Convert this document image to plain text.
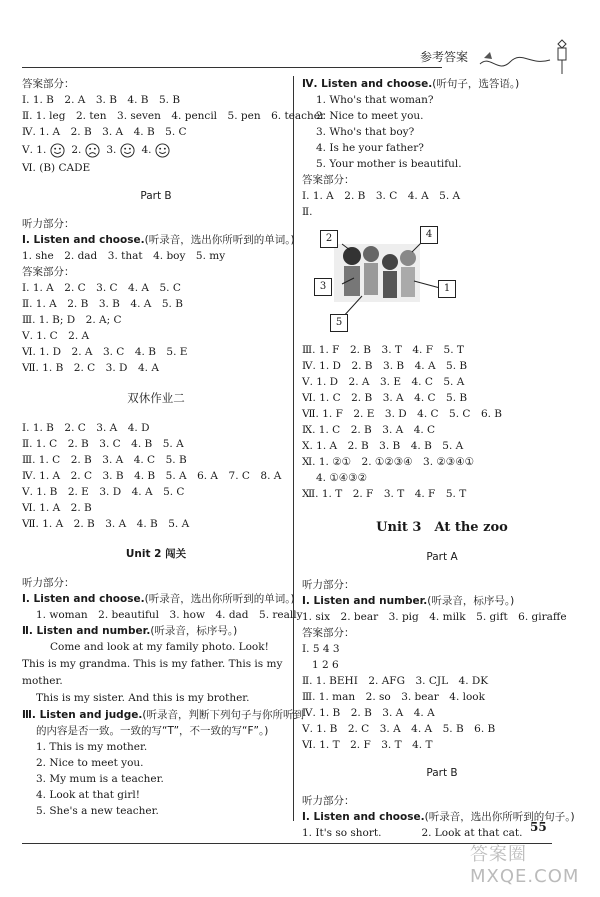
参考答案
答案部分：
Ⅰ. 1. B　2. A　3. B　4. B　5. B
Ⅱ. 1. leg　2. ten　3. seven　4. pencil　5. pen　6. teacher
Ⅳ. 1. A　2. B　3. A　4. B　5. C
Ⅴ. 1. 2. 3. 4.
Ⅵ. (B) CADE
Part B
听力部分：
Ⅰ. Listen and choose.(听录音，选出你所听到的单词。)
1. she　2. dad　3. that　4. boy　5. my
答案部分：
Ⅰ. 1. A　2. C　3. C　4. A　5. C
Ⅱ. 1. A　2. B　3. B　4. A　5. B
Ⅲ. 1. B; D　2. A; C
Ⅴ. 1. C　2. A
Ⅵ. 1. D　2. A　3. C　4. B　5. E
Ⅶ. 1. B　2. C　3. D　4. A
双休作业二
Ⅰ. 1. B　2. C　3. A　4. D
Ⅱ. 1. C　2. B　3. C　4. B　5. A
Ⅲ. 1. C　2. B　3. A　4. C　5. B
Ⅳ. 1. A　2. C　3. B　4. B　5. A　6. A　7. C　8. A
Ⅴ. 1. B　2. E　3. D　4. A　5. C
Ⅵ. 1. A　2. B
Ⅶ. 1. A　2. B　3. A　4. B　5. A
Unit 2 闯关
听力部分：
Ⅰ. Listen and choose.(听录音，选出你所听到的单词。)
1. woman　2. beautiful　3. how　4. dad　5. really
Ⅱ. Listen and number.(听录音，标序号。)
Come and look at my family photo. Look! This is my grandma. This is my father. This is my mother.
This is my sister. And this is my brother.
Ⅲ. Listen and judge.(听录音，判断下列句子与你所听到
的内容是否一致。一致的写“T”，不一致的写“F”。)
1. This is my mother.
2. Nice to meet you.
3. My mum is a teacher.
4. Look at that girl!
5. She's a new teacher.
Ⅳ. Listen and choose.(听句子，选答语。)
1. Who's that woman?
2. Nice to meet you.
3. Who's that boy?
4. Is he your father?
5. Your mother is beautiful.
答案部分：
Ⅰ. 1. A　2. B　3. C　4. A　5. A
Ⅱ.
2	4
3	1
5
Ⅲ. 1. F　2. B　3. T　4. F　5. T
Ⅳ. 1. D　2. B　3. B　4. A　5. B
Ⅴ. 1. D　2. A　3. E　4. C　5. A
Ⅵ. 1. C　2. B　3. A　4. C　5. B
Ⅶ. 1. F　2. E　3. D　4. C　5. C　6. B
Ⅸ. 1. C　2. B　3. A　4. C
Ⅹ. 1. A　2. B　3. B　4. B　5. A
Ⅺ. 1. ②①　2. ①②③④　3. ②③④①
4. ①④③②
Ⅻ. 1. T　2. F　3. T　4. F　5. T
Unit 3　At the zoo
Part A
听力部分：
Ⅰ. Listen and number.(听录音，标序号。)
1. six　2. bear　3. pig　4. milk　5. gift　6. giraffe
答案部分：
Ⅰ. 5 4 3
1 2 6
Ⅱ. 1. BEHI　2. AFG　3. CJL　4. DK
Ⅲ. 1. man　2. so　3. bear　4. look
Ⅳ. 1. B　2. B　3. A　4. A
Ⅴ. 1. B　2. C　3. A　4. A　5. B　6. B
Ⅵ. 1. T　2. F　3. T　4. T
Part B
听力部分：
Ⅰ. Listen and choose.(听录音，选出你所听到的句子。)
1. It's so short.	2. Look at that cat. 55
答案圈 MXQE.COM
